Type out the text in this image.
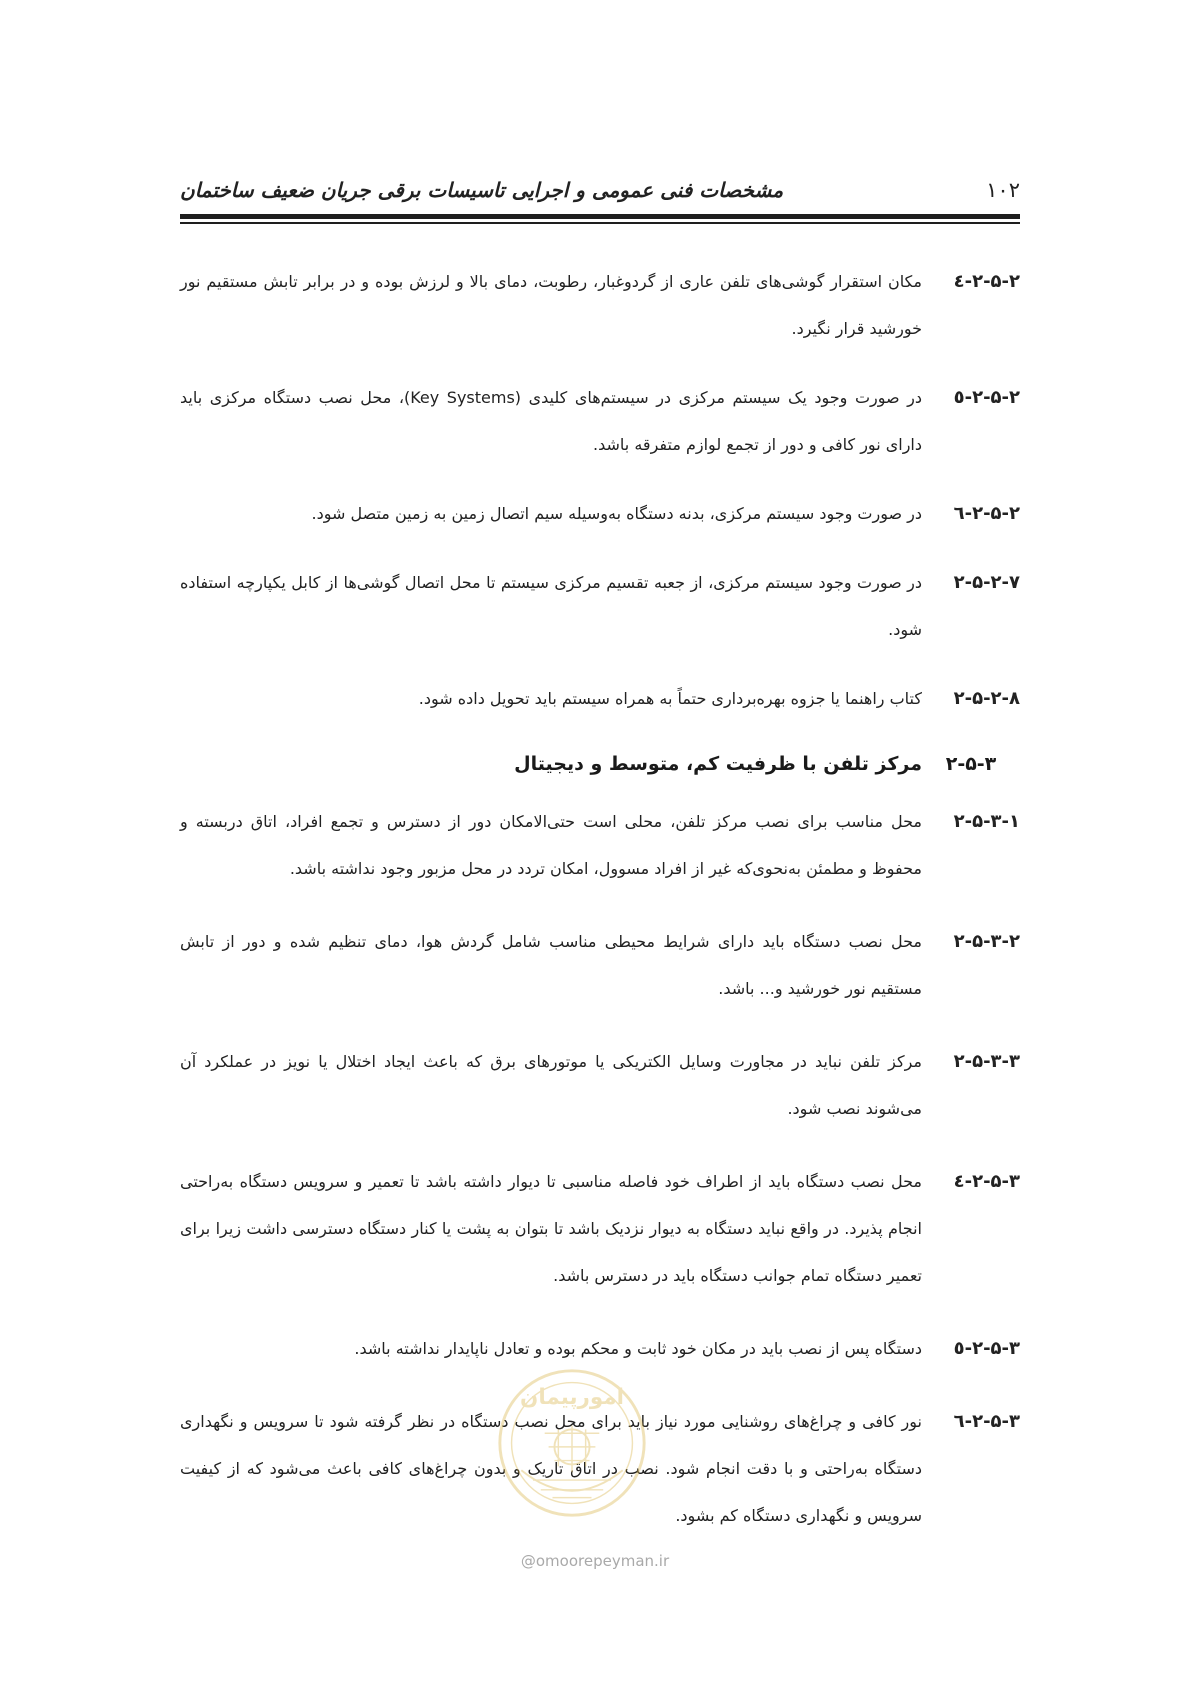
۱۰۲
مشخصات فنی عمومی و اجرایی تاسیسات برقی جریان ضعیف ساختمان
۲-۵-۲-٤
مکان استقرار گوشی‌های تلفن عاری از گردوغبار، رطوبت، دمای بالا و لرزش بوده و در برابر تابش مستقیم نور خورشید قرار نگیرد.
۲-۵-۲-٥
در صورت وجود یک سیستم مرکزی در سیستم‌های کلیدی (Key Systems)، محل نصب دستگاه مرکزی باید دارای نور کافی و دور از تجمع لوازم متفرقه باشد.
۲-۵-۲-٦
در صورت وجود سیستم مرکزی، بدنه دستگاه به‌وسیله سیم اتصال زمین به زمین متصل شود.
۲-۵-۲-۷
در صورت وجود سیستم مرکزی، از جعبه تقسیم مرکزی سیستم تا محل اتصال گوشی‌ها از کابل یکپارچه استفاده شود.
۲-۵-۲-۸
کتاب راهنما یا جزوه بهره‌برداری حتماً به همراه سیستم باید تحویل داده شود.
۲-۵-۳
مرکز تلفن با ظرفیت کم، متوسط و دیجیتال
۲-۵-۳-۱
محل مناسب برای نصب مرکز تلفن، محلی است حتی‌الامکان دور از دسترس و تجمع افراد، اتاق دربسته و محفوظ و مطمئن به‌نحوی‌که غیر از افراد مسوول، امکان تردد در محل مزبور وجود نداشته باشد.
۲-۵-۳-۲
محل نصب دستگاه باید دارای شرایط محیطی مناسب شامل گردش هوا، دمای تنظیم شده و دور از تابش مستقیم نور خورشید و... باشد.
۲-۵-۳-۳
مرکز تلفن نباید در مجاورت وسایل الکتریکی یا موتورهای برق که باعث ایجاد اختلال یا نویز در عملکرد آن می‌شوند نصب شود.
۲-۵-۳-٤
محل نصب دستگاه باید از اطراف خود فاصله مناسبی تا دیوار داشته باشد تا تعمیر و سرویس دستگاه به‌راحتی انجام پذیرد. در واقع نباید دستگاه به دیوار نزدیک باشد تا بتوان به پشت یا کنار دستگاه دسترسی داشت زیرا برای تعمیر دستگاه تمام جوانب دستگاه باید در دسترس باشد.
۲-۵-۳-٥
دستگاه پس از نصب باید در مکان خود ثابت و محکم بوده و تعادل ناپایدار نداشته باشد.
۲-۵-۳-٦
نور کافی و چراغ‌های روشنایی مورد نیاز باید برای محل نصب دستگاه در نظر گرفته شود تا سرویس و نگهداری دستگاه به‌راحتی و با دقت انجام شود. نصب در اتاق تاریک و بدون چراغ‌های کافی باعث می‌شود که از کیفیت سرویس و نگهداری دستگاه کم بشود.
امورپیمان
@omoorepeyman.ir
